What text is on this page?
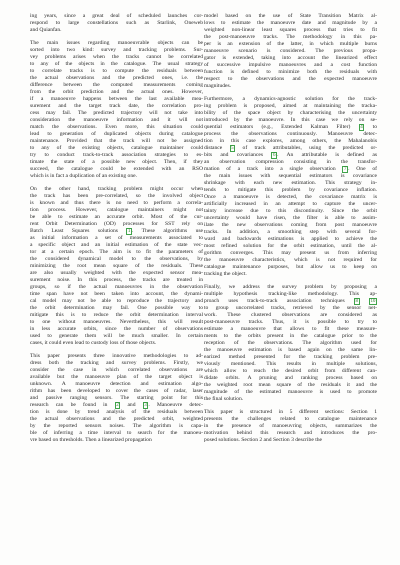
ing years, since a great deal of scheduled launches cor-
respond to large constellations such as Starlink, Oneweb
and Quianfan.
The main issues regarding manoeuvrable objects can be
sorted into two kind: survey and tracking problems. Sur-
vey problems arises when the tracks cannot be correlated
to any of the objects in the catalogue. The usual strategy
to correlate tracks is to compute the residuals between
the actual observations and the predicted ones, i.e. the
difference between the computed measurements coming
from the orbit prediction and the actual ones. However,
if a manoeuvre happens between the last available mea-
surement and the target track date, the correlation pro-
cess may fail. The predicted trajectory will not take into
consideration the manoeuvre information and it will not
match the observations. Even more, this situation could
lead to generation of duplicated objects during catalogue
maintenance. Provided that the track will not be assigned
to any of the existing objects, catalogue maintainer could
try to conduct track-to-track association strategies to es-
timate the state of a possible new object. Then, if they
succeed, the catalogue could be extended with an RSO
which is in fact a duplication of an existing one.
On the other hand, tracking problem might occur when
the track has been pre-correlated, so the involved object
is known and thus there is no need to perform a correla-
tion process. However, catalogue maintainers might not
be able to estimate an accurate orbit. Most of the cur-
rent Orbit Determination (OD) processes for SST rely on
Batch Least Squares solutions 1 . These algorithms use
as initial information a set of measurements associated to
a specific object and an initial estimation of the state vec-
tor at a certain epoch. The aim is to fit the parameters of
the considered dynamical model to the observations, by
minimizing the root mean square of the residuals. These
are also usually weighted with the expected sensor mea-
surement noise. In this process, the tracks are treated in
groups, so if the actual manoeuvres in the observation
time span have not been taken into account, the dynami-
cal model may not be able to reproduce the trajectory and
the orbit determination may fail. One possible way to
mitigate this is to reduce the orbit determination interval
to one without manoeuvres. Nevertheless, this will result
in less accurate orbits, since the number of observations
used to generate them will be much smaller. In certain
cases, it could even lead to custody loss of those objects.
This paper presents three innovative methodologies to ad-
dress both the tracking and survey problems. Firstly, we
consider the case in which correlated observations are
available but the manoeuvre plan of the target object is
unknown. A manoeuvre detection and estimation algo-
rithm has been developed to cover the cases of radar, laser
and passive ranging sensors. The starting point for this
research can be found in 2 and 3 . Manoeuvre detec-
tion is done by trend analysis of the residuals between
the actual observations and the predicted orbit, weighted
by the reported sensors noises. The algorithm is capa-
ble of inferring a time interval to search for the manoeu-
vre based on thresholds. Then a linearized propagation
model based on the use of State Transition Matrix al-
lows to estimate the manoeuvre date and magnitude by a
weighted non-linear least squares process that tries to fit
the post-manoeuvre tracks. The methodology in this pa-
per is an extension of the latter, in which multiple burns
manoeuvre scenario is considered. The previous propa-
gator is extended, taking into account the linearized effect
of successive impulsive manoeuvres and a cost function
function is defined to minimize both the residuals with
respect to the observations and the expected manoeuvre
magnitudes.
Furthermore, a dynamics-agnostic solution for the track-
ing problem is proposed, aimed at maintaining the tracka-
bility of the space object by characterising the uncertainty
introduced by the manoeuvre. In this case we rely on se-
quential estimators (e.g., Extended Kalman Filter) 4 to
process the observations continuously. Manoeuvre detec-
tion in this case explores, among others, the Mahalanobis
distance 5 of track attributables, using the predicted or-
bits and covariances 6 . An attributable is defined as
an observation compression consisting in the transfor-
mation of a track into a single observation 7 . One of
the main issues with sequential estimators is covariance
shrinkage with each new estimation. This strategy in-
tends to mitigate this problem by covariance inflation.
Once a manoeuvre is detected, the covariance matrix is
artificially increased in an attempt to capture the uncer-
tainty increase due to this discontinuity. Since the orbit
uncertainty would have risen, the filter is able to assim-
ilate the new observations coming from post manoeuvre
tracks. In addition, a smoothing step with several for-
ward and backwards estimations is applied to achieve the
most refined solution for the orbit estimation, until the al-
gorithm converges. This may present us from inferring
the manoeuvre characteristics, which is not required for
catalogue maintenance purposes, but allow us to keep on
tracking the object.
Finally, we address the survey problem by proposing a
multiple hypothesis tracking-like methodology. This ap-
proach uses track-to-track association techniques 8 10
to group uncorrelated tracks, retrieved by the sensor net-
work. These clustered observations are considered as
post-manoeuvre tracks. Thus, it is possible to try to
estimate a manoeuvre that allows to fit these measure-
ments to the orbits present in the catalogue prior to the
reception of the observations. The algorithm used for
the manoeuvre estimation is based again on the same lin-
earized method presented for the tracking problem pre-
viously mentioned. This results in multiple solutions,
which allow to reach the desired orbit from different can-
didate orbits. A pruning and ranking process based on
the weighted root mean square of the residuals it and the
magnitude of the estimated manoeuvre is used to promote
the final solution.
This paper is structured in 5 different sections: Section 1
presents the challenges related to catalogue maintenance
in the presence of manoeuvring objects, summarizes the
motivation behind this research and introduces the pro-
posed solutions. Section 2 and Section 3 describe the
